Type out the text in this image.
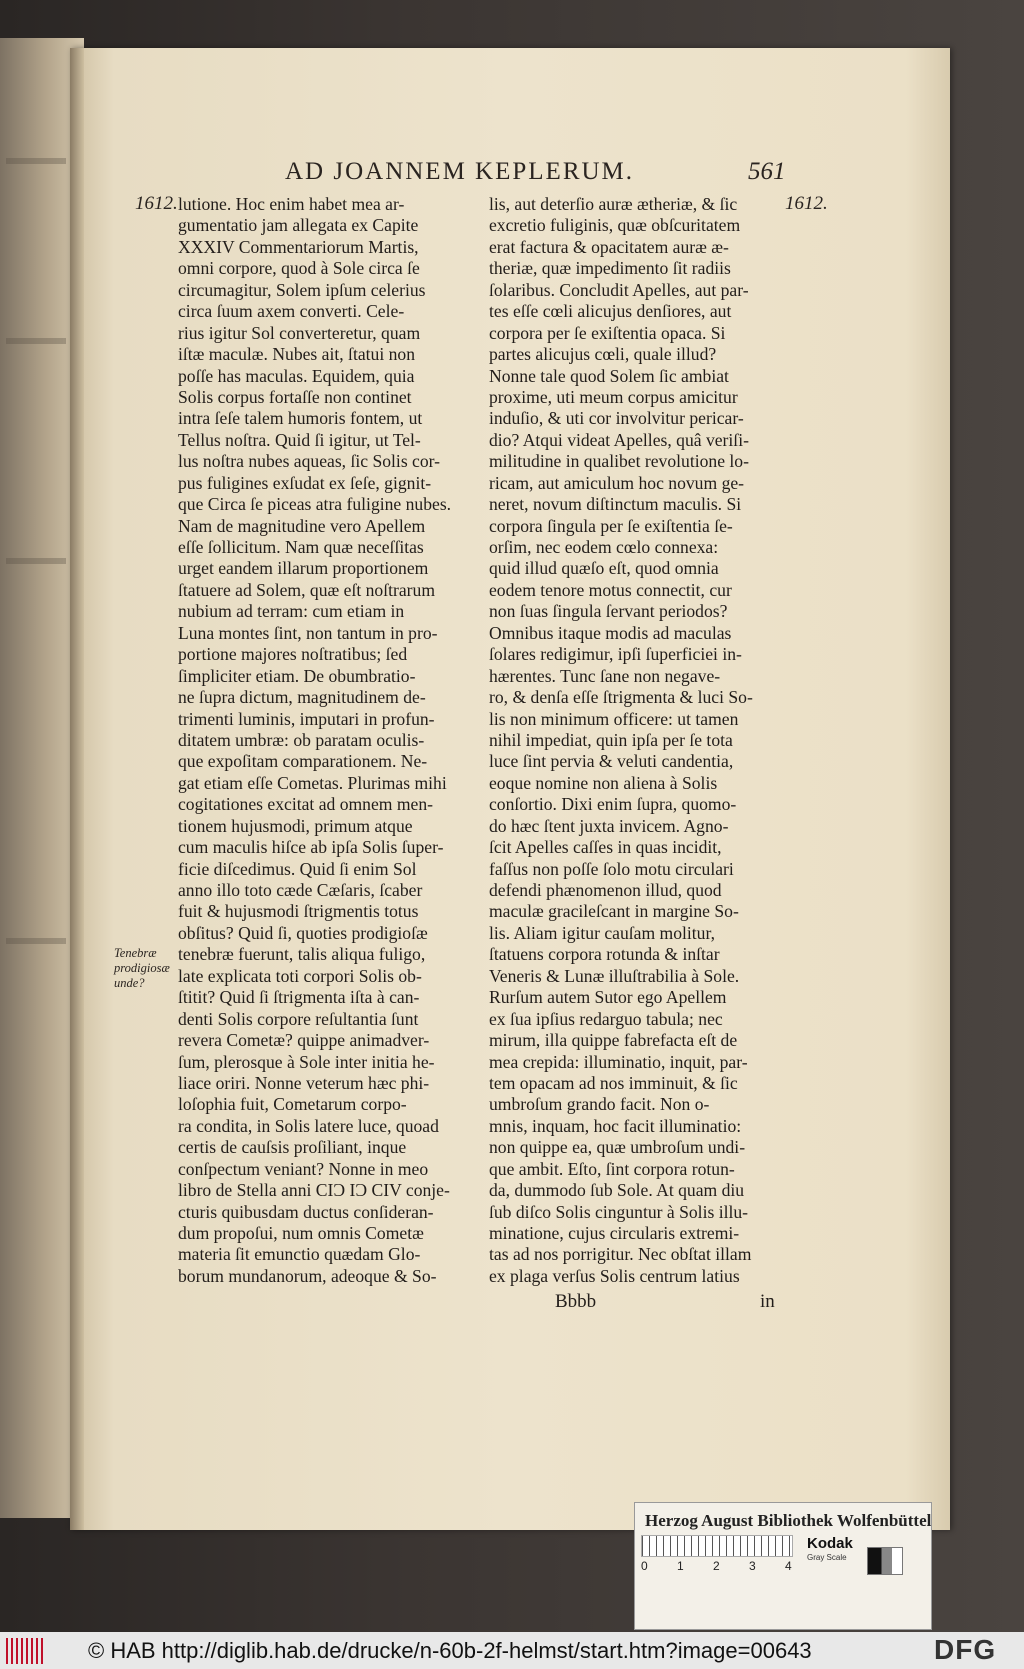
AD JOANNEM KEPLERUM.	561
1612.	1612.
lutione. Hoc enim habet mea ar-
gumentatio jam allegata ex Capite
XXXIV Commentariorum Martis,
omni corpore, quod à Sole circa ſe
circumagitur, Solem ipſum celerius
circa ſuum axem converti. Cele-
rius igitur Sol converteretur, quam
iſtæ maculæ. Nubes ait, ſtatui non
poſſe has maculas. Equidem, quia
Solis corpus fortaſſe non continet
intra ſeſe talem humoris fontem, ut
Tellus noſtra. Quid ſi igitur, ut Tel-
lus noſtra nubes aqueas, ſic Solis cor-
pus fuligines exſudat ex ſeſe, gignit-
que Circa ſe piceas atra fuligine nubes.
Nam de magnitudine vero Apellem
eſſe ſollicitum. Nam quæ neceſſitas
urget eandem illarum proportionem
ſtatuere ad Solem, quæ eſt noſtrarum
nubium ad terram: cum etiam in
Luna montes ſint, non tantum in pro-
portione majores noſtratibus; ſed
ſimpliciter etiam. De obumbratio-
ne ſupra dictum, magnitudinem de-
trimenti luminis, imputari in profun-
ditatem umbræ: ob paratam oculis-
que expoſitam comparationem. Ne-
gat etiam eſſe Cometas. Plurimas mihi
cogitationes excitat ad omnem men-
tionem hujusmodi, primum atque
cum maculis hiſce ab ipſa Solis ſuper-
ficie diſcedimus. Quid ſi enim Sol
anno illo toto cæde Cæſaris, ſcaber
fuit & hujusmodi ſtrigmentis totus
obſitus? Quid ſi, quoties prodigioſæ
tenebræ fuerunt, talis aliqua fuligo,
late explicata toti corpori Solis ob-
ſtitit? Quid ſi ſtrigmenta iſta à can-
denti Solis corpore reſultantia ſunt
revera Cometæ? quippe animadver-
ſum, plerosque à Sole inter initia he-
liace oriri. Nonne veterum hæc phi-
loſophia fuit, Cometarum corpo-
ra condita, in Solis latere luce, quoad
certis de cauſsis proſiliant, inque
conſpectum veniant? Nonne in meo
libro de Stella anni CIƆ IƆ CIV conje-
cturis quibusdam ductus conſideran-
dum propoſui, num omnis Cometæ
materia ſit emunctio quædam Glo-
borum mundanorum, adeoque & So-
lis, aut deterſio auræ ætheriæ, & ſic
excretio fuliginis, quæ obſcuritatem
erat factura & opacitatem auræ æ-
theriæ, quæ impedimento ſit radiis
ſolaribus. Concludit Apelles, aut par-
tes eſſe cœli alicujus denſiores, aut
corpora per ſe exiſtentia opaca. Si
partes alicujus cœli, quale illud?
Nonne tale quod Solem ſic ambiat
proxime, uti meum corpus amicitur
induſio, & uti cor involvitur pericar-
dio? Atqui videat Apelles, quâ veriſi-
militudine in qualibet revolutione lo-
ricam, aut amiculum hoc novum ge-
neret, novum diſtinctum maculis. Si
corpora ſingula per ſe exiſtentia ſe-
orſim, nec eodem cœlo connexa:
quid illud quæſo eſt, quod omnia
eodem tenore motus connectit, cur
non ſuas ſingula ſervant periodos?
Omnibus itaque modis ad maculas
ſolares redigimur, ipſi ſuperficiei in-
hærentes. Tunc ſane non negave-
ro, & denſa eſſe ſtrigmenta & luci So-
lis non minimum officere: ut tamen
nihil impediat, quin ipſa per ſe tota
luce ſint pervia & veluti candentia,
eoque nomine non aliena à Solis
conſortio. Dixi enim ſupra, quomo-
do hæc ſtent juxta invicem. Agno-
ſcit Apelles caſſes in quas incidit,
faſſus non poſſe ſolo motu circulari
defendi phænomenon illud, quod
maculæ gracileſcant in margine So-
lis. Aliam igitur cauſam molitur,
ſtatuens corpora rotunda & inſtar
Veneris & Lunæ illuſtrabilia à Sole.
Rurſum autem Sutor ego Apellem
ex ſua ipſius redarguo tabula; nec
mirum, illa quippe fabrefacta eſt de
mea crepida: illuminatio, inquit, par-
tem opacam ad nos imminuit, & ſic
umbroſum grando facit. Non o-
mnis, inquam, hoc facit illuminatio:
non quippe ea, quæ umbroſum undi-
que ambit. Eſto, ſint corpora rotun-
da, dummodo ſub Sole. At quam diu
ſub diſco Solis cinguntur à Solis illu-
minatione, cujus circularis extremi-
tas ad nos porrigitur. Nec obſtat illam
ex plaga verſus Solis centrum latius
Tenebræ
prodigiosæ
unde?
Bbbb	in
Herzog August Bibliothek Wolfenbüttel
0 1 2 3 4
Kodak
Gray Scale
© HAB http://diglib.hab.de/drucke/n-60b-2f-helmst/start.htm?image=00643	DFG
